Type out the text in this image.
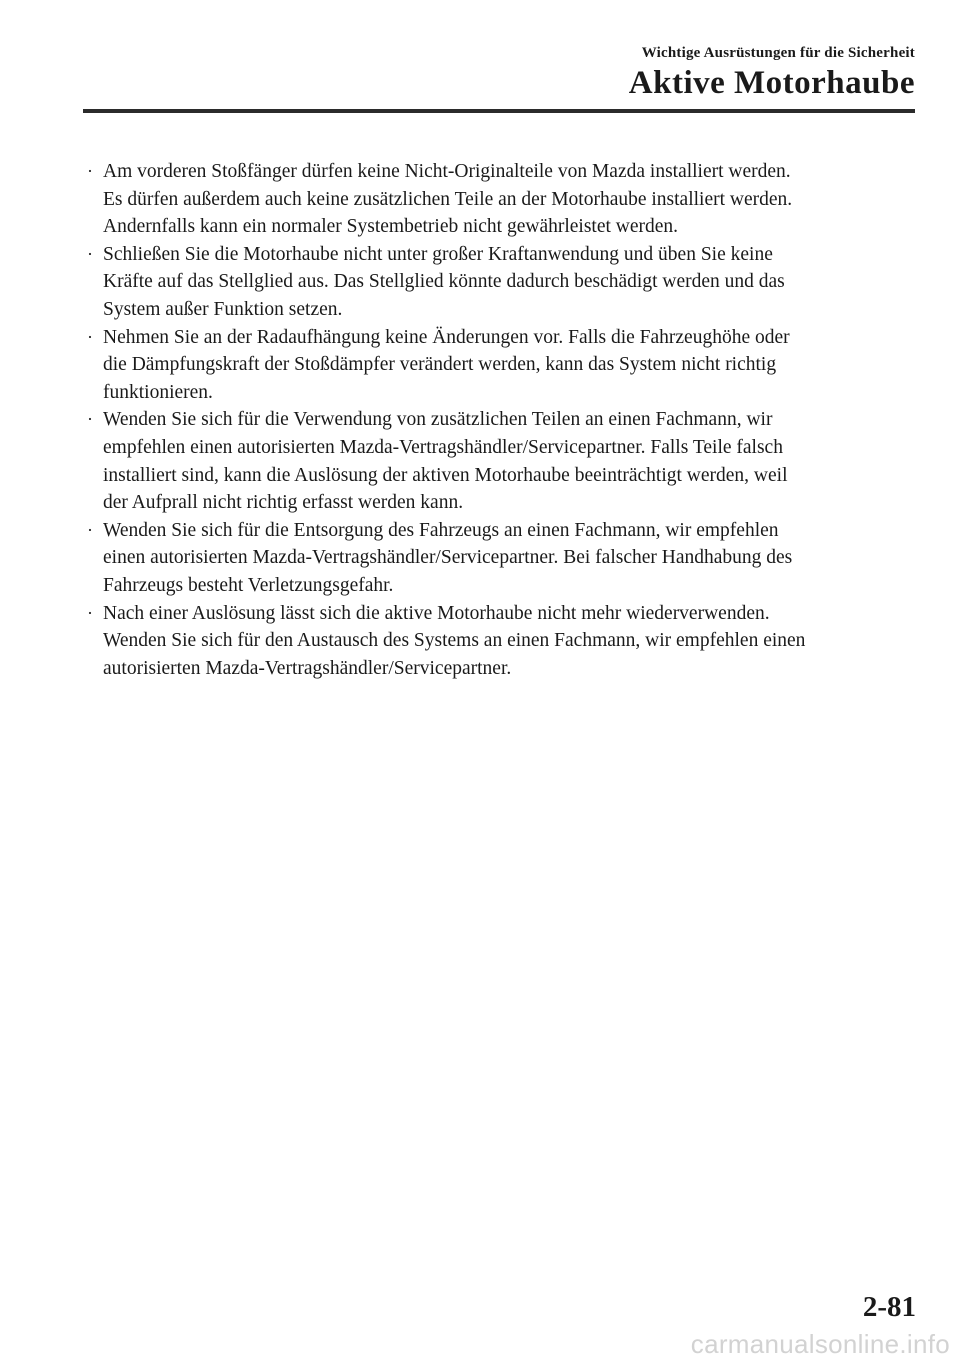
Wichtige Ausrüstungen für die Sicherheit
Aktive Motorhaube
· Am vorderen Stoßfänger dürfen keine Nicht-Originalteile von Mazda installiert werden.
Es dürfen außerdem auch keine zusätzlichen Teile an der Motorhaube installiert werden.
Andernfalls kann ein normaler Systembetrieb nicht gewährleistet werden.
· Schließen Sie die Motorhaube nicht unter großer Kraftanwendung und üben Sie keine
Kräfte auf das Stellglied aus. Das Stellglied könnte dadurch beschädigt werden und das
System außer Funktion setzen.
· Nehmen Sie an der Radaufhängung keine Änderungen vor. Falls die Fahrzeughöhe oder
die Dämpfungskraft der Stoßdämpfer verändert werden, kann das System nicht richtig
funktionieren.
· Wenden Sie sich für die Verwendung von zusätzlichen Teilen an einen Fachmann, wir
empfehlen einen autorisierten Mazda-Vertragshändler/Servicepartner. Falls Teile falsch
installiert sind, kann die Auslösung der aktiven Motorhaube beeinträchtigt werden, weil
der Aufprall nicht richtig erfasst werden kann.
· Wenden Sie sich für die Entsorgung des Fahrzeugs an einen Fachmann, wir empfehlen
einen autorisierten Mazda-Vertragshändler/Servicepartner. Bei falscher Handhabung des
Fahrzeugs besteht Verletzungsgefahr.
· Nach einer Auslösung lässt sich die aktive Motorhaube nicht mehr wiederverwenden.
Wenden Sie sich für den Austausch des Systems an einen Fachmann, wir empfehlen einen
autorisierten Mazda-Vertragshändler/Servicepartner.
2-81
carmanualsonline.info
